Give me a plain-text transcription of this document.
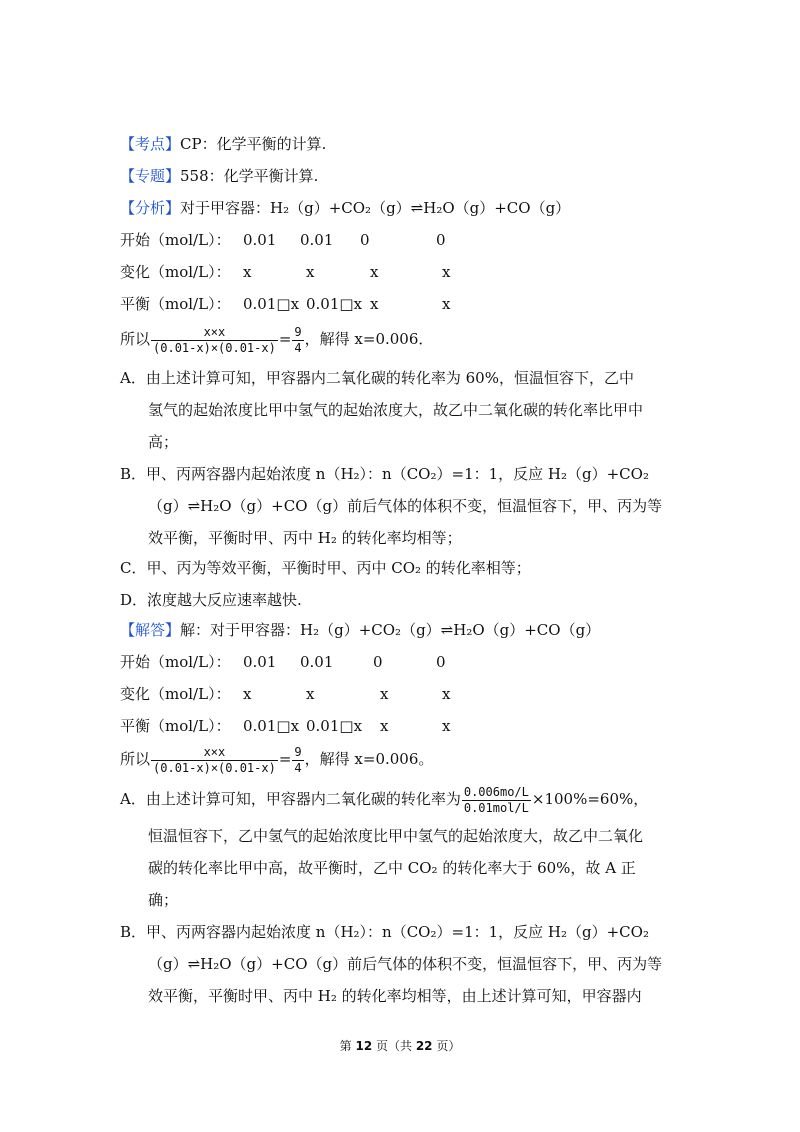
【考点】CP：化学平衡的计算.
【专题】558：化学平衡计算.
【分析】对于甲容器：H₂（g）+CO₂（g）⇌H₂O（g）+CO（g）
开始（mol/L）： 0.01 0.01 0	0
变化（mol/L）： x	x	x	x
平衡（mol/L）： 0.01□x 0.01□x x	x
所以 $\frac{x\times x}{(0.01-x)\times(0.01-x)} = \frac{9}{4}$ ，解得 x=0.006．
A．由上述计算可知，甲容器内二氧化碳的转化率为 60%，恒温恒容下，乙中
氢气的起始浓度比甲中氢气的起始浓度大，故乙中二氧化碳的转化率比甲中
高；
B．甲、丙两容器内起始浓度 n（H₂）：n（CO₂）=1：1，反应 H₂（g）+CO₂
（g）⇌H₂O（g）+CO（g）前后气体的体积不变，恒温恒容下，甲、丙为等
效平衡，平衡时甲、丙中 H₂ 的转化率均相等；
C．甲、丙为等效平衡，平衡时甲、丙中 CO₂ 的转化率相等；
D．浓度越大反应速率越快.
【解答】解：对于甲容器：H₂（g）+CO₂（g）⇌H₂O（g）+CO（g）
开始（mol/L）： 0.01 0.01	0	0
变化（mol/L）： x	x	x	x
平衡（mol/L）： 0.01□x 0.01□x x	x
所以 $\frac{x\times x}{(0.01-x)\times(0.01-x)} = \frac{9}{4}$ ，解得 x=0.006。
A．由上述计算可知，甲容器内二氧化碳的转化率为 $\frac{0.006mo/L}{\text{0.01mol/L}} \times 100\%=60\%$，
恒温恒容下，乙中氢气的起始浓度比甲中氢气的起始浓度大，故乙中二氧化
碳的转化率比甲中高，故平衡时，乙中 CO₂ 的转化率大于 60%，故 A 正
确；
B．甲、丙两容器内起始浓度 n（H₂）：n（CO₂）=1：1，反应 H₂（g）+CO₂
（g）⇌H₂O（g）+CO（g）前后气体的体积不变，恒温恒容下，甲、丙为等
效平衡，平衡时甲、丙中 H₂ 的转化率均相等，由上述计算可知，甲容器内
第 12 页（共 22 页）
